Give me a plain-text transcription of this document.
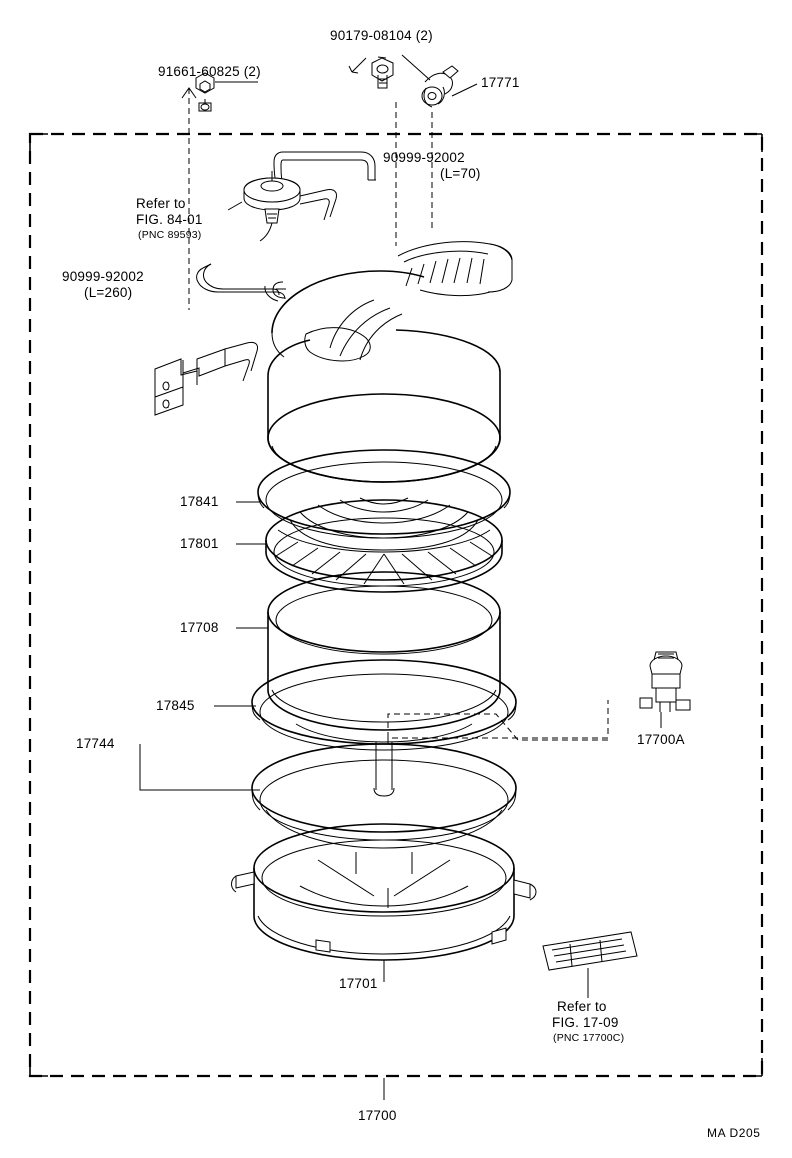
90179-08104 (2)
91661-60825 (2)
17771
90999-92002
(L=70)
Refer to
FIG. 84-01
(PNC 89593)
90999-92002
(L=260)
17841
17801
17708
17845
17744	17700A
17701
Refer to
FIG. 17-09
(PNC 17700C)
17700
MA D205
